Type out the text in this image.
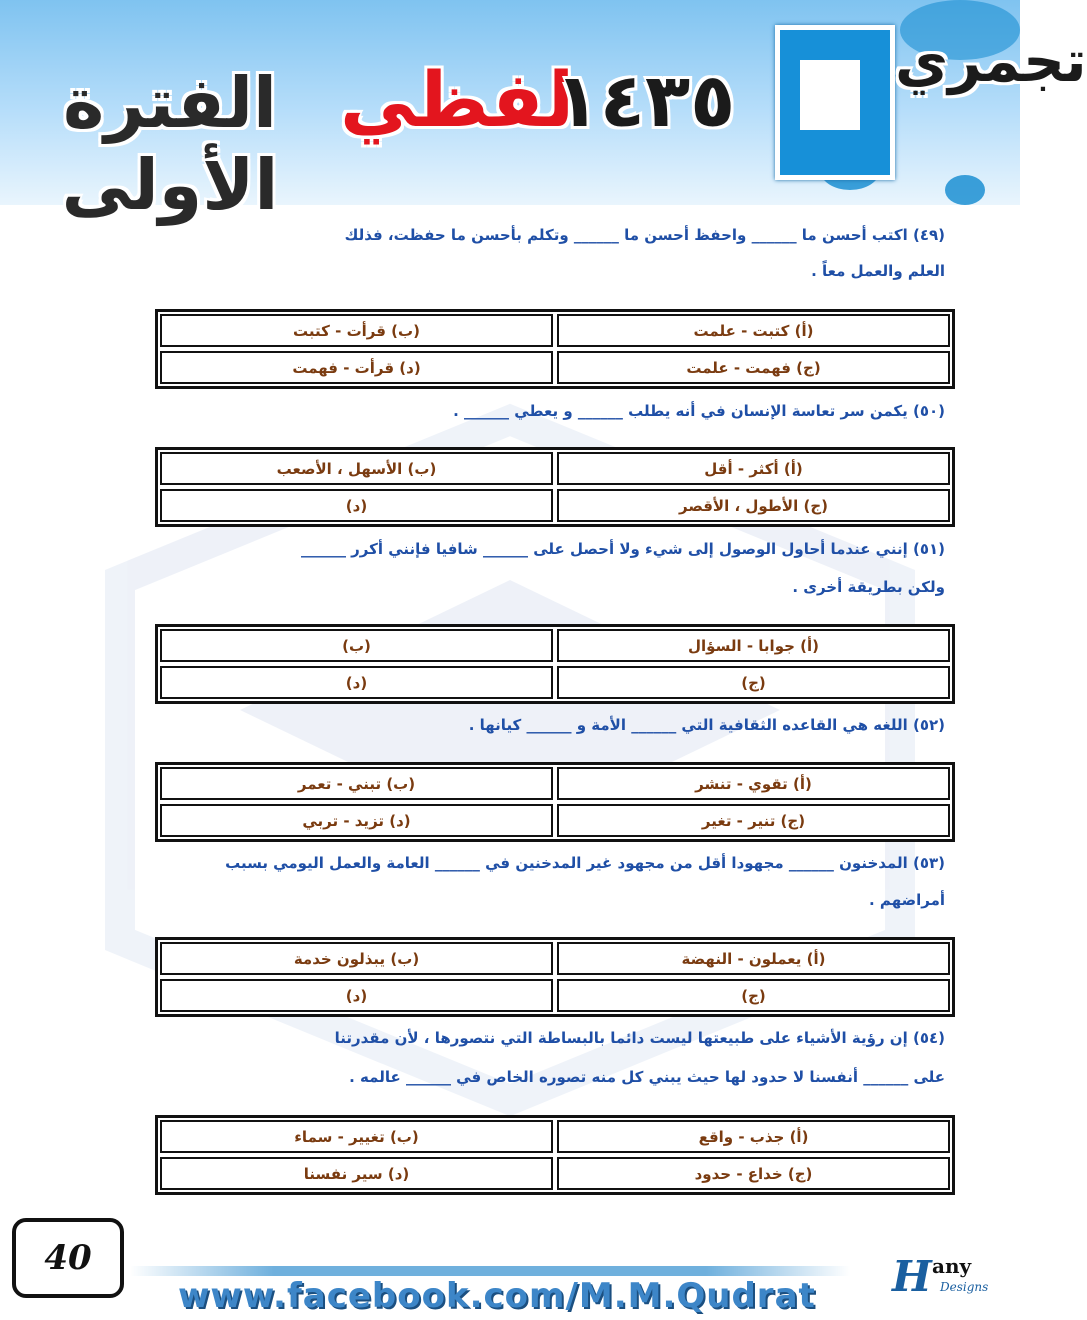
الفترة الأولى
لفظي
١٤٣٥	تجمري
(٤٩) اكتب أحسن ما ______ واحفظ أحسن ما ______ وتكلم بأحسن ما حفظت، فذلك
العلم والعمل معاً .
(أ) كتبت - علمت
(ب) قرأت - كتبت
(ج) فهمت - علمت
(د) قرأت - فهمت
(٥٠) يكمن سر تعاسة الإنسان في أنه يطلب ______ و يعطي ______ .
(أ) أكثر - أقل
(ب) الأسهل ، الأصعب
(ج) الأطول ، الأقصر
(د)
(٥١) إنني عندما أحاول الوصول إلى شيء ولا أحصل على ______ شافيا فإنني أكرر ______
ولكن بطريقة أخرى .
(أ) جوابا - السؤال
(ب)
(ج)
(د)
(٥٢) اللغه هي القاعده الثقافية التي ______ الأمة و ______ كيانها .
(أ) تقوي - تنشر
(ب) تبني - تعمر
(ج) تنير - تغير
(د) تزيد - تربي
(٥٣) المدخنون ______ مجهودا أقل من مجهود غير المدخنين في ______ العامة والعمل اليومي بسبب
أمراضهم .
(أ) يعملون - النهضة
(ب) يبذلون خدمة
(ج)
(د)
(٥٤) إن رؤية الأشياء على طبيعتها ليست دائما بالبساطة التي نتصورها ، لأن مقدرتنا
على ______ أنفسنا لا حدود لها حيث يبني كل منه تصوره الخاص في ______ عالمه .
(أ) جذب - واقع
(ب) تغيير - سماء
(ج) خداع - حدود
(د) سير نفسنا
40
www.facebook.com/M.M.Qudrat H any
Designs
